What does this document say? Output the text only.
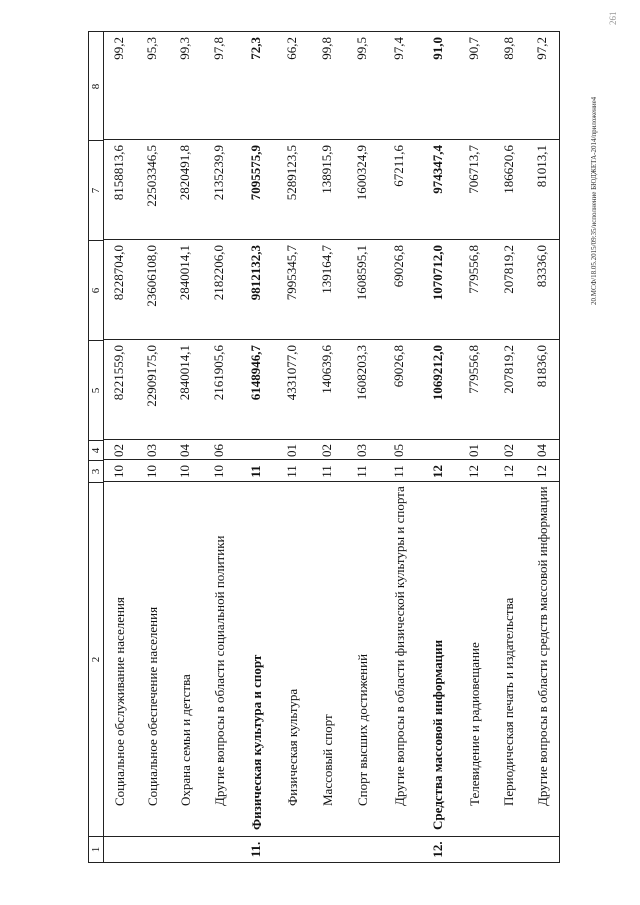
1
2
3
4
5
6
7
8
Социальное обслуживание населения
10
02
8221559,0
8228704,0
8158813,6
99,2
Социальное обеспечение населения
10
03
22909175,0
23606108,0
22503346,5
95,3
Охрана семьи и детства
10
04
2840014,1
2840014,1
2820491,8
99,3
Другие вопросы в области социальной политики
10
06
2161905,6
2182206,0
2135239,9
97,8
11.
Физическая культура и спорт
11
6148946,7
9812132,3
7095575,9
72,3
Физическая культура
11
01
4331077,0
7995345,7
5289123,5
66,2
Массовый спорт
11
02
140639,6
139164,7
138915,9
99,8
Спорт высших достижений
11
03
1608203,3
1608595,1
1600324,9
99,5
Другие вопросы в области физической культуры и спорта
11
05
69026,8
69026,8
67211,6
97,4
12.
Средства массовой информации
12
1069212,0
1070712,0
974347,4
91,0
Телевидение и радиовещание
12
01
779556,8
779556,8
706713,7
90,7
Периодическая печать и издательства
12
02
207819,2
207819,2
186620,6
89,8
Другие вопросы в области средств массовой информации
12
04
81836,0
83336,0
81013,1
97,2
20.МСФ/18.05.2015/09:35/исполнение БЮДЖЕТА-2014/приложение4
261
